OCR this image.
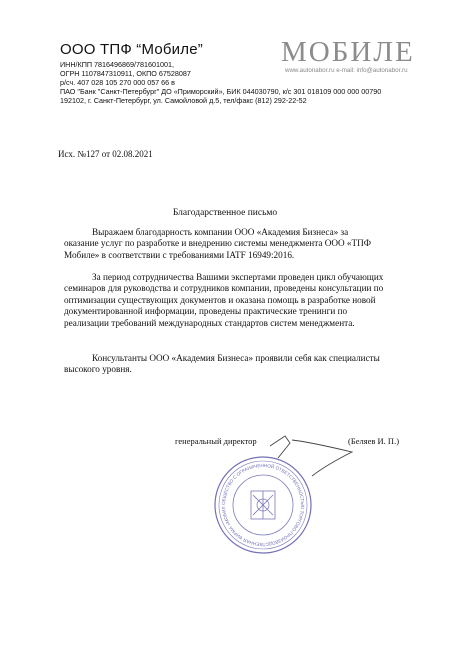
ООО ТПФ “Мобиле”
ИНН/КПП 7816496869/781601001,
ОГРН 1107847310911, ОКПО 67528087
р/сч. 407 028 105 270 000 057 66 в
ПАО "Банк "Санкт-Петербург" ДО «Приморский», БИК 044030790, к/с 301 018109 000 000 00790
192102, г. Санкт-Петербург, ул. Самойловой д.5, тел/факс (812) 292-22-52
МОБИЛЕ
www.autonabor.ru e-mail: info@autonabor.ru
Исх. №127 от 02.08.2021
Благодарственное письмо
Выражаем благодарность компании ООО «Академия Бизнеса» за оказание услуг по разработке и внедрению системы менеджмента ООО «ТПФ Мобиле» в соответствии с требованиями IATF 16949:2016.
За период сотрудничества Вашими экспертами проведен цикл обучающих семинаров для руководства и сотрудников компании, проведены консультации по оптимизации существующих документов и оказана помощь в разработке новой документированной информации, проведены практические тренинги по реализации требований международных стандартов систем менеджмента.
Консультанты ООО «Академия Бизнеса» проявили себя как специалисты высокого уровня.
генеральный директор	(Беляев И. П.)
ОБЩЕСТВО С ОГРАНИЧЕННОЙ ОТВЕТСТВЕННОСТЬЮ ТОРГОВО-ПРОИЗВОДСТВЕННАЯ ФИРМА «МОБИЛ
